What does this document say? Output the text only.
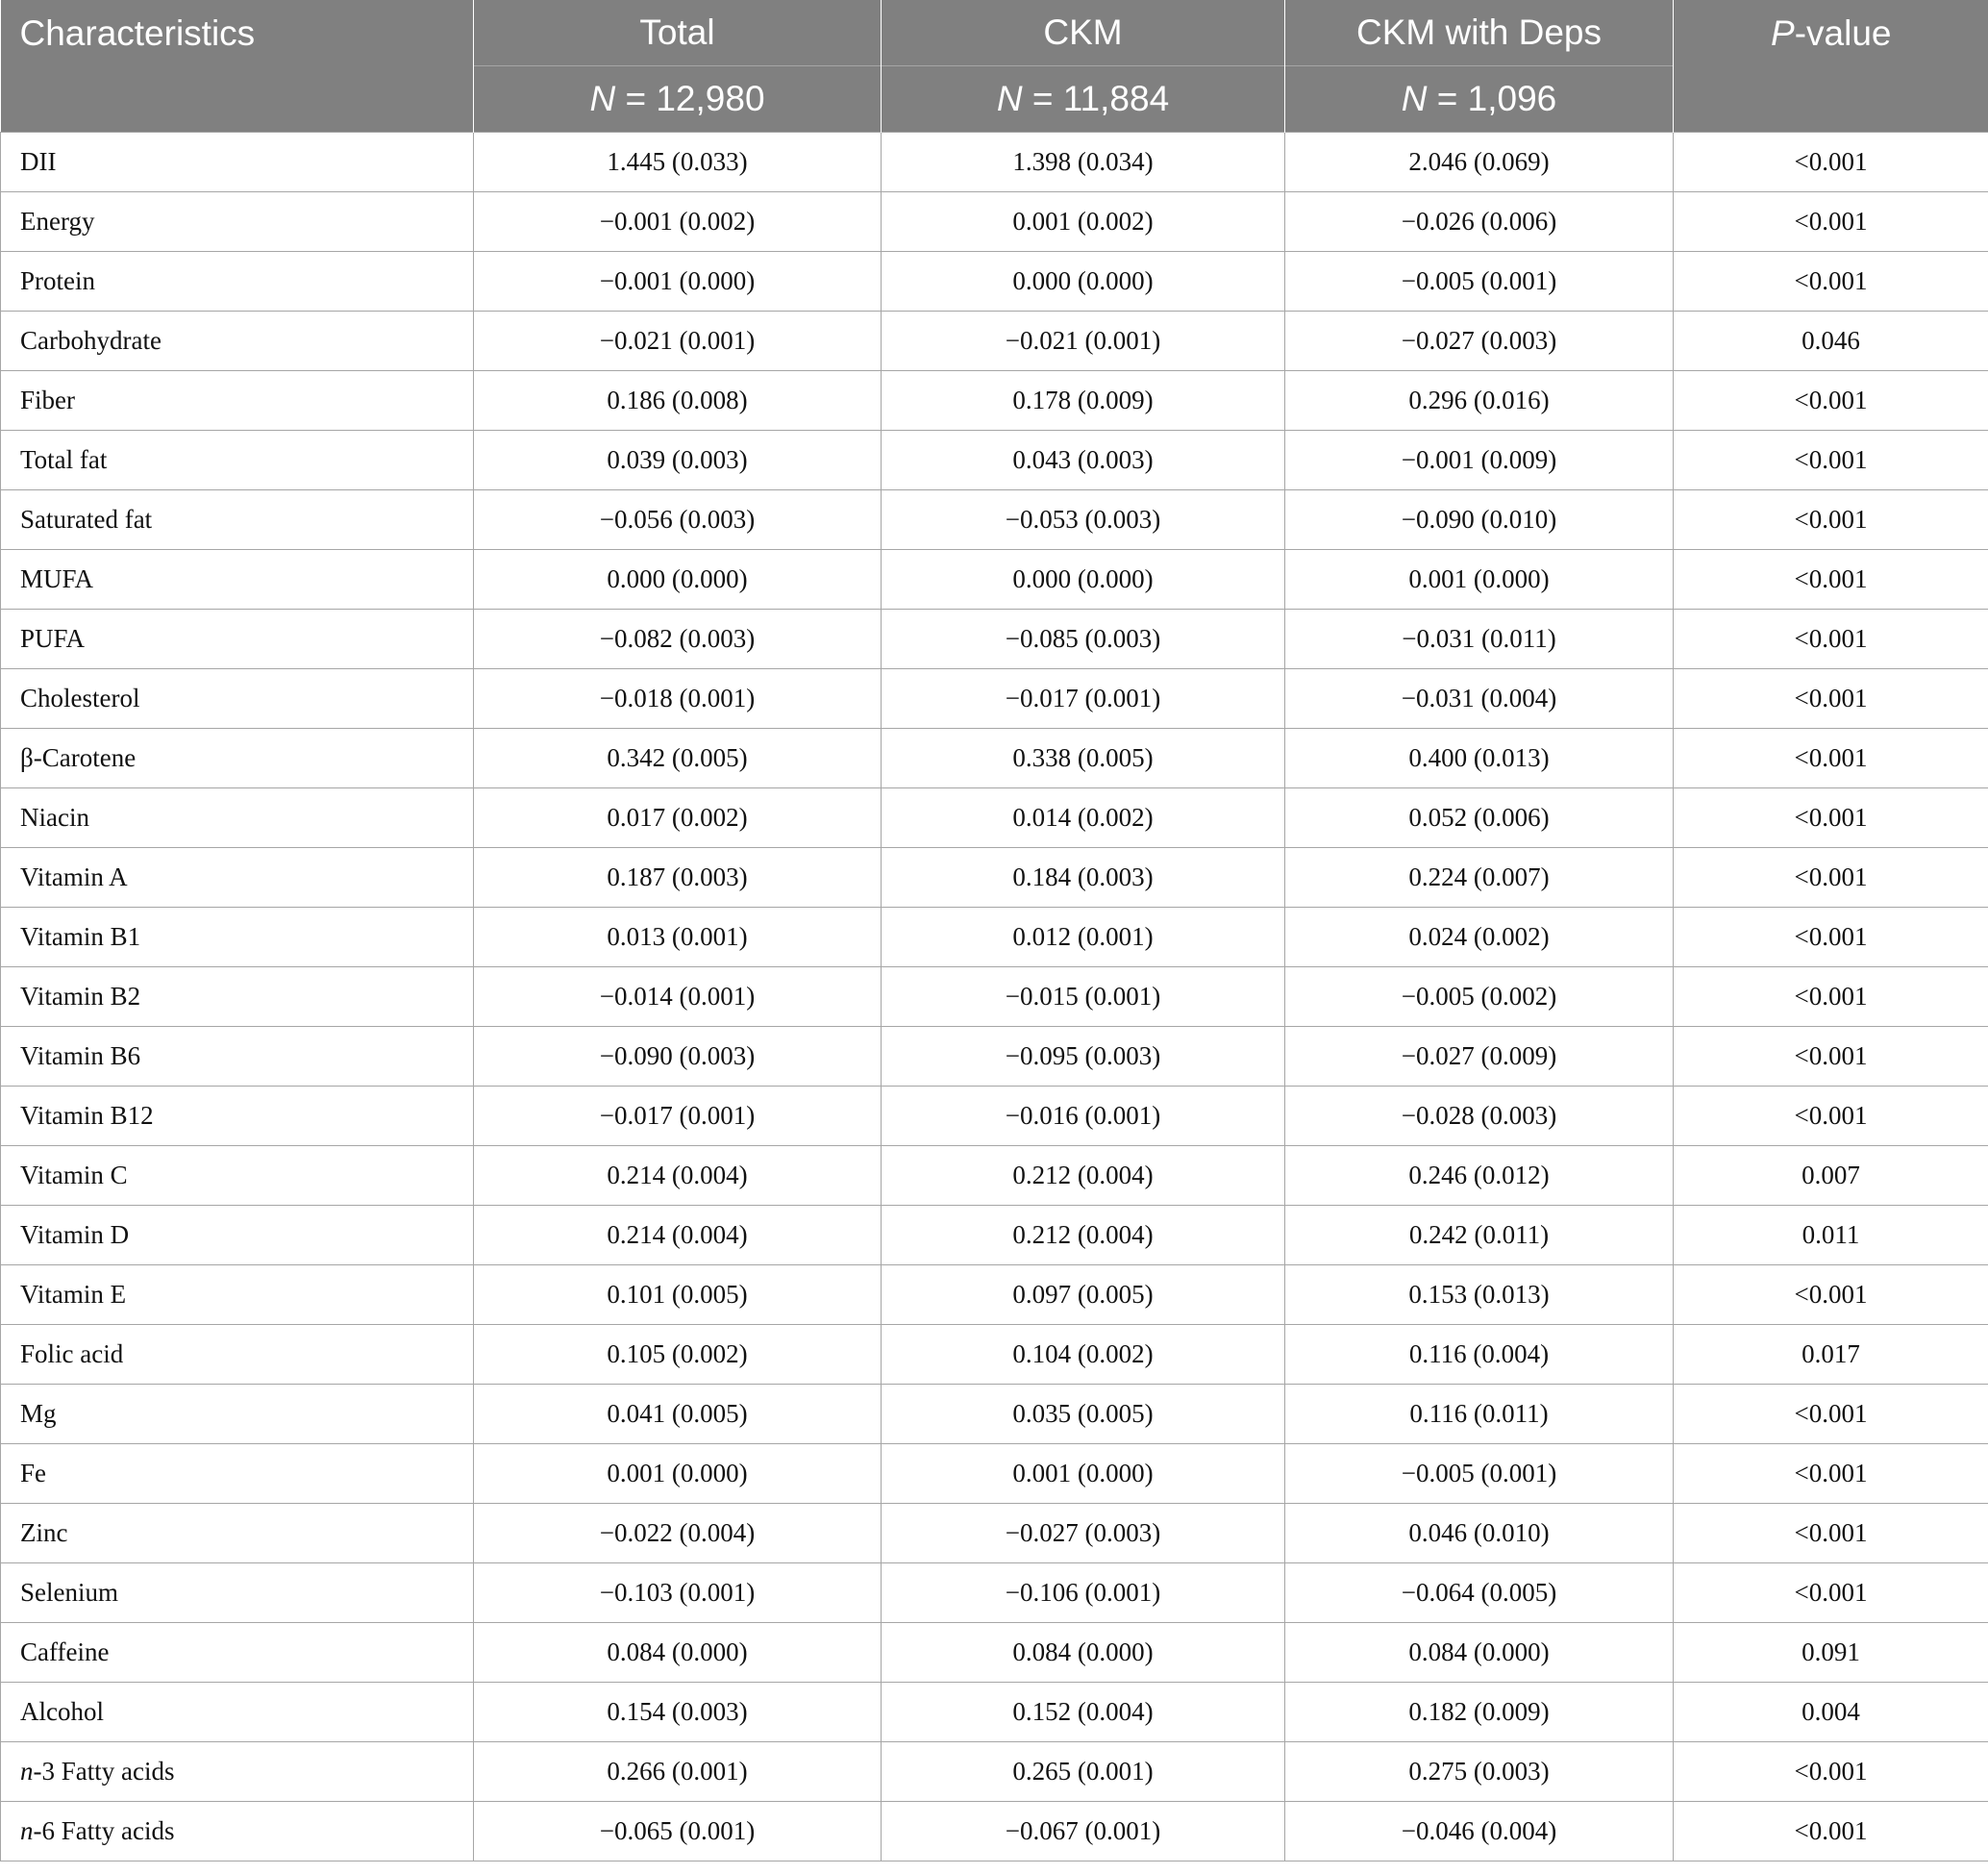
Characteristics	Total	CKM	CKM with Deps	P-value
	N = 12,980	N = 11,884	N = 1,096	
DII	1.445 (0.033)	1.398 (0.034)	2.046 (0.069)	<0.001
Energy	−0.001 (0.002)	0.001 (0.002)	−0.026 (0.006)	<0.001
Protein	−0.001 (0.000)	0.000 (0.000)	−0.005 (0.001)	<0.001
Carbohydrate	−0.021 (0.001)	−0.021 (0.001)	−0.027 (0.003)	0.046
Fiber	0.186 (0.008)	0.178 (0.009)	0.296 (0.016)	<0.001
Total fat	0.039 (0.003)	0.043 (0.003)	−0.001 (0.009)	<0.001
Saturated fat	−0.056 (0.003)	−0.053 (0.003)	−0.090 (0.010)	<0.001
MUFA	0.000 (0.000)	0.000 (0.000)	0.001 (0.000)	<0.001
PUFA	−0.082 (0.003)	−0.085 (0.003)	−0.031 (0.011)	<0.001
Cholesterol	−0.018 (0.001)	−0.017 (0.001)	−0.031 (0.004)	<0.001
β-Carotene	0.342 (0.005)	0.338 (0.005)	0.400 (0.013)	<0.001
Niacin	0.017 (0.002)	0.014 (0.002)	0.052 (0.006)	<0.001
Vitamin A	0.187 (0.003)	0.184 (0.003)	0.224 (0.007)	<0.001
Vitamin B1	0.013 (0.001)	0.012 (0.001)	0.024 (0.002)	<0.001
Vitamin B2	−0.014 (0.001)	−0.015 (0.001)	−0.005 (0.002)	<0.001
Vitamin B6	−0.090 (0.003)	−0.095 (0.003)	−0.027 (0.009)	<0.001
Vitamin B12	−0.017 (0.001)	−0.016 (0.001)	−0.028 (0.003)	<0.001
Vitamin C	0.214 (0.004)	0.212 (0.004)	0.246 (0.012)	0.007
Vitamin D	0.214 (0.004)	0.212 (0.004)	0.242 (0.011)	0.011
Vitamin E	0.101 (0.005)	0.097 (0.005)	0.153 (0.013)	<0.001
Folic acid	0.105 (0.002)	0.104 (0.002)	0.116 (0.004)	0.017
Mg	0.041 (0.005)	0.035 (0.005)	0.116 (0.011)	<0.001
Fe	0.001 (0.000)	0.001 (0.000)	−0.005 (0.001)	<0.001
Zinc	−0.022 (0.004)	−0.027 (0.003)	0.046 (0.010)	<0.001
Selenium	−0.103 (0.001)	−0.106 (0.001)	−0.064 (0.005)	<0.001
Caffeine	0.084 (0.000)	0.084 (0.000)	0.084 (0.000)	0.091
Alcohol	0.154 (0.003)	0.152 (0.004)	0.182 (0.009)	0.004
n-3 Fatty acids	0.266 (0.001)	0.265 (0.001)	0.275 (0.003)	<0.001
n-6 Fatty acids	−0.065 (0.001)	−0.067 (0.001)	−0.046 (0.004)	<0.001
